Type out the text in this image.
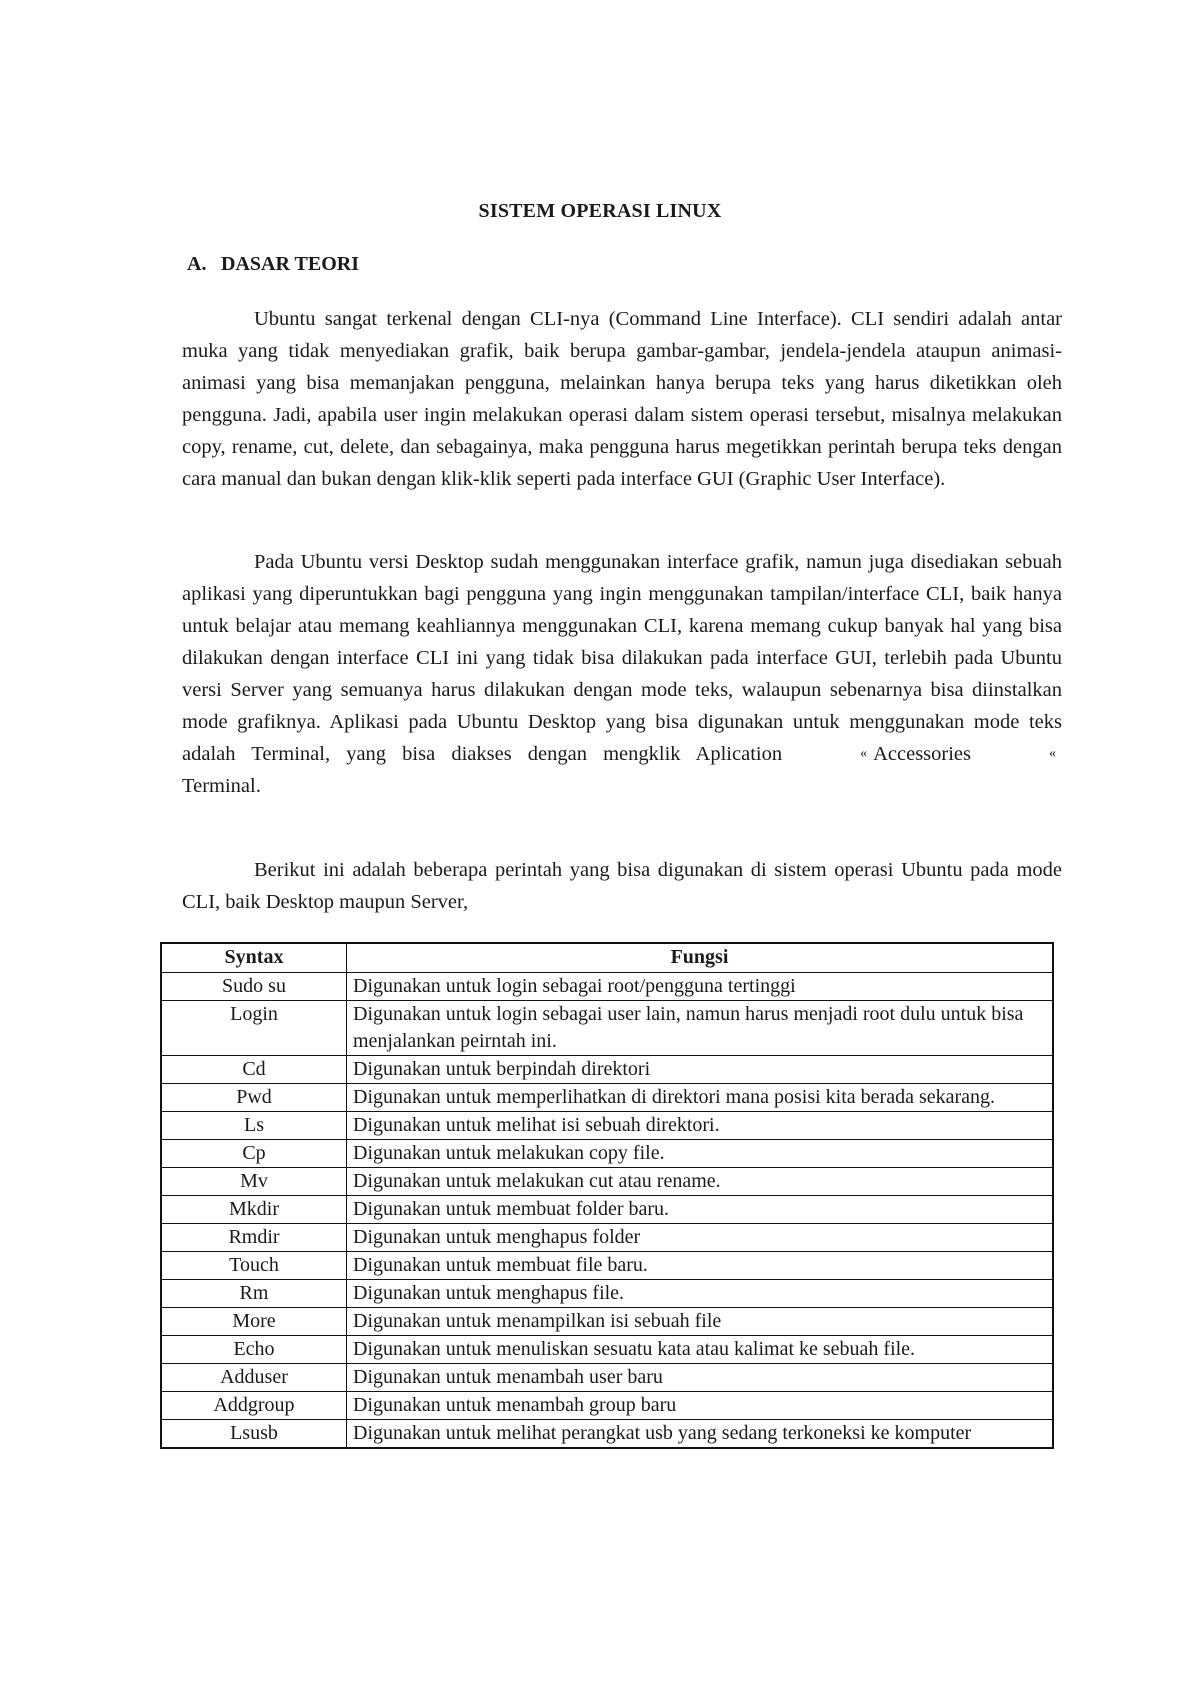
SISTEM OPERASI LINUX
A. DASAR TEORI

Ubuntu sangat terkenal dengan CLI-nya (Command Line Interface). CLI sendiri adalah antar muka yang tidak menyediakan grafik, baik berupa gambar-gambar, jendela-jendela ataupun animasi-animasi yang bisa memanjakan pengguna, melainkan hanya berupa teks yang harus diketikkan oleh pengguna. Jadi, apabila user ingin melakukan operasi dalam sistem operasi tersebut, misalnya melakukan copy, rename, cut, delete, dan sebagainya, maka pengguna harus megetikkan perintah berupa teks dengan cara manual dan bukan dengan klik-klik seperti pada interface GUI (Graphic User Interface).

Pada Ubuntu versi Desktop sudah menggunakan interface grafik, namun juga disediakan sebuah aplikasi yang diperuntukkan bagi pengguna yang ingin menggunakan tampilan/interface CLI, baik hanya untuk belajar atau memang keahliannya menggunakan CLI, karena memang cukup banyak hal yang bisa dilakukan dengan interface CLI ini yang tidak bisa dilakukan pada interface GUI, terlebih pada Ubuntu versi Server yang semuanya harus dilakukan dengan mode teks, walaupun sebenarnya bisa diinstalkan mode grafiknya. Aplikasi pada Ubuntu Desktop yang bisa digunakan untuk menggunakan mode teks adalah Terminal, yang bisa diakses dengan mengklik Aplication	« Accessories	«Terminal.

Berikut ini adalah beberapa perintah yang bisa digunakan di sistem operasi Ubuntu pada mode CLI, baik Desktop maupun Server,

Syntax	Fungsi
Sudo su	Digunakan untuk login sebagai root/pengguna tertinggi
Login	Digunakan untuk login sebagai user lain, namun harus menjadi root dulu untuk bisa menjalankan peirntah ini.
Cd	Digunakan untuk berpindah direktori
Pwd	Digunakan untuk memperlihatkan di direktori mana posisi kita berada sekarang.
Ls	Digunakan untuk melihat isi sebuah direktori.
Cp	Digunakan untuk melakukan copy file.
Mv	Digunakan untuk melakukan cut atau rename.
Mkdir	Digunakan untuk membuat folder baru.
Rmdir	Digunakan untuk menghapus folder
Touch	Digunakan untuk membuat file baru.
Rm	Digunakan untuk menghapus file.
More	Digunakan untuk menampilkan isi sebuah file
Echo	Digunakan untuk menuliskan sesuatu kata atau kalimat ke sebuah file.
Adduser	Digunakan untuk menambah user baru
Addgroup	Digunakan untuk menambah group baru
Lsusb	Digunakan untuk melihat perangkat usb yang sedang terkoneksi ke komputer
